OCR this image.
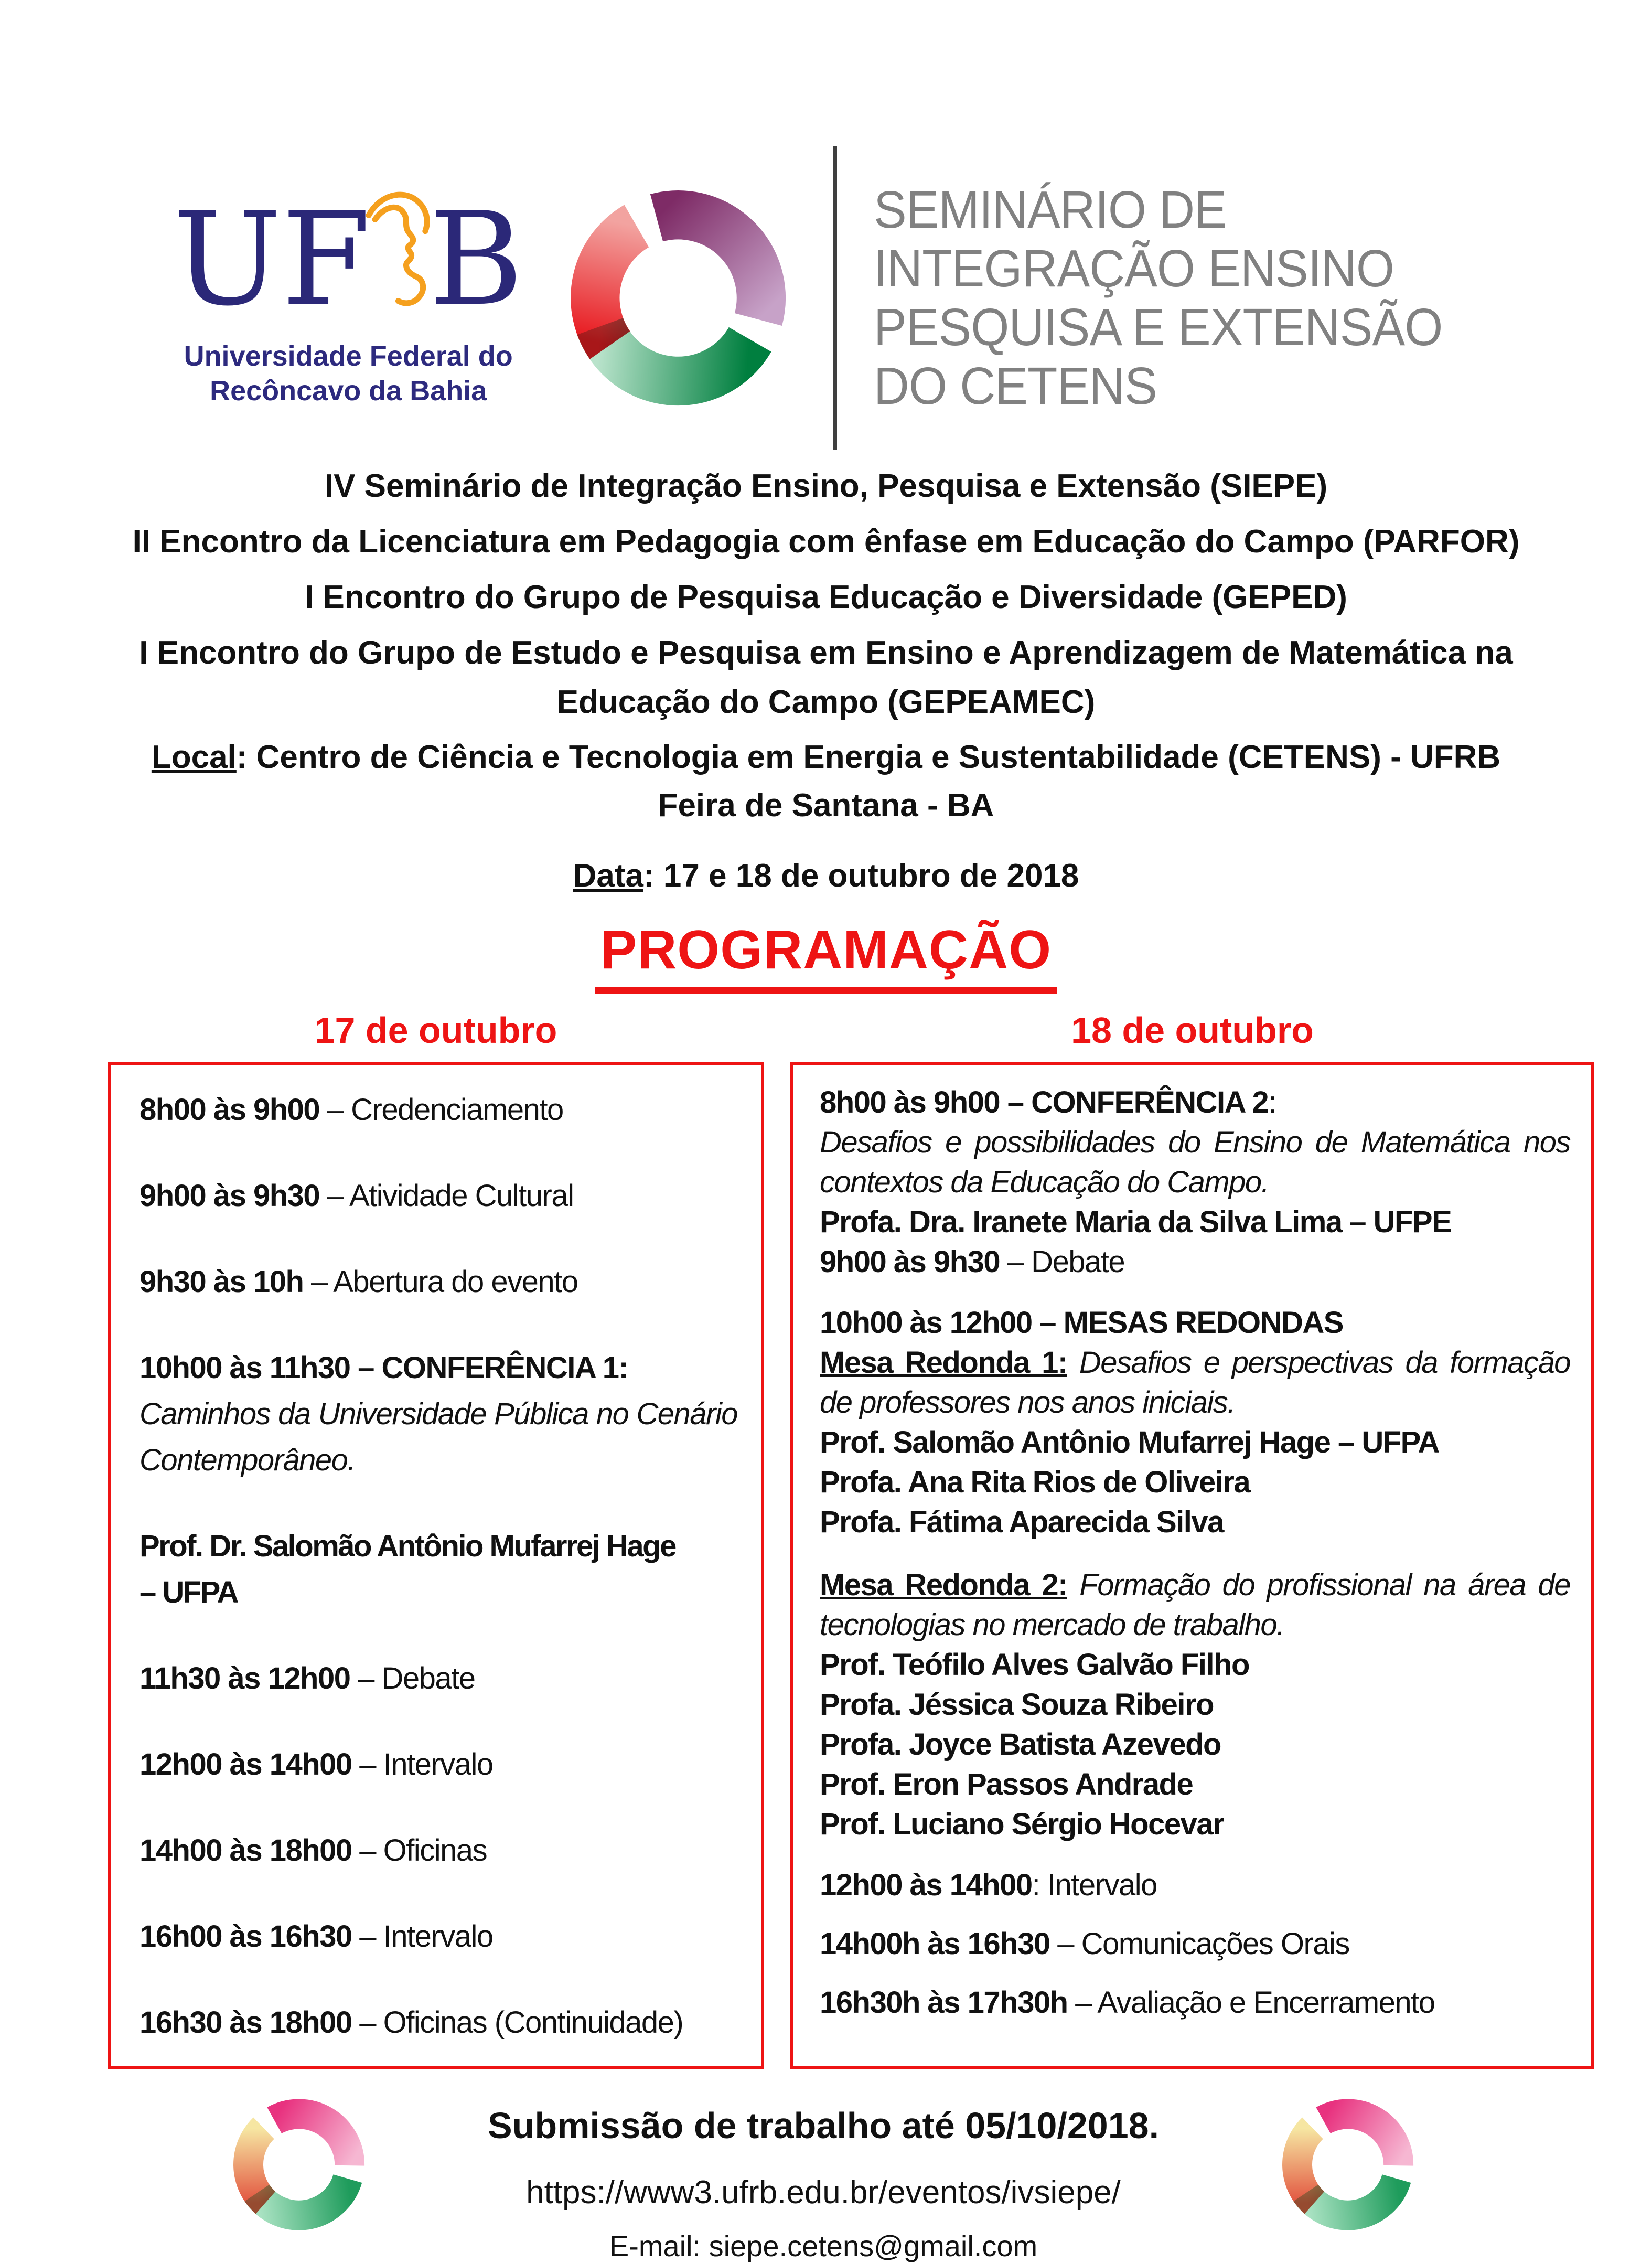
UF B
Universidade Federal do
Recôncavo da Bahia
SEMINÁRIO DE
INTEGRAÇÃO ENSINO
PESQUISA E EXTENSÃO
DO CETENS

IV Seminário de Integração Ensino, Pesquisa e Extensão (SIEPE)

II Encontro da Licenciatura em Pedagogia com ênfase em Educação do Campo (PARFOR)

I Encontro do Grupo de Pesquisa Educação e Diversidade (GEPED)

I Encontro do Grupo de Estudo e Pesquisa em Ensino e Aprendizagem de Matemática na Educação do Campo (GEPEAMEC)

Local: Centro de Ciência e Tecnologia em Energia e Sustentabilidade (CETENS) - UFRB

Feira de Santana - BA

Data: 17 e 18 de outubro de 2018

PROGRAMAÇÃO
17 de outubro	18 de outubro

8h00 às 9h00 – Credenciamento

9h00 às 9h30 – Atividade Cultural

9h30 às 10h – Abertura do evento

10h00 às 11h30 – CONFERÊNCIA 1:

Caminhos da Universidade Pública no Cenário Contemporâneo.

Prof. Dr. Salomão Antônio Mufarrej Hage
– UFPA

11h30 às 12h00 – Debate

12h00 às 14h00 – Intervalo

14h00 às 18h00 – Oficinas

16h00 às 16h30 – Intervalo

16h30 às 18h00 – Oficinas (Continuidade)

8h00 às 9h00 – CONFERÊNCIA 2:

Desafios e possibilidades do Ensino de Matemática nos contextos da Educação do Campo.

Profa. Dra. Iranete Maria da Silva Lima – UFPE

9h00 às 9h30 – Debate

10h00 às 12h00 – MESAS REDONDAS

Mesa Redonda 1: Desafios e perspectivas da formação de professores nos anos iniciais.

Prof. Salomão Antônio Mufarrej Hage – UFPA

Profa. Ana Rita Rios de Oliveira

Profa. Fátima Aparecida Silva

Mesa Redonda 2: Formação do profissional na área de tecnologias no mercado de trabalho.

Prof. Teófilo Alves Galvão Filho

Profa. Jéssica Souza Ribeiro

Profa. Joyce Batista Azevedo

Prof. Eron Passos Andrade

Prof. Luciano Sérgio Hocevar

12h00 às 14h00: Intervalo

14h00h às 16h30 – Comunicações Orais

16h30h às 17h30h – Avaliação e Encerramento

Submissão de trabalho até 05/10/2018.
https://www3.ufrb.edu.br/eventos/ivsiepe/
E-mail: siepe.cetens@gmail.com
